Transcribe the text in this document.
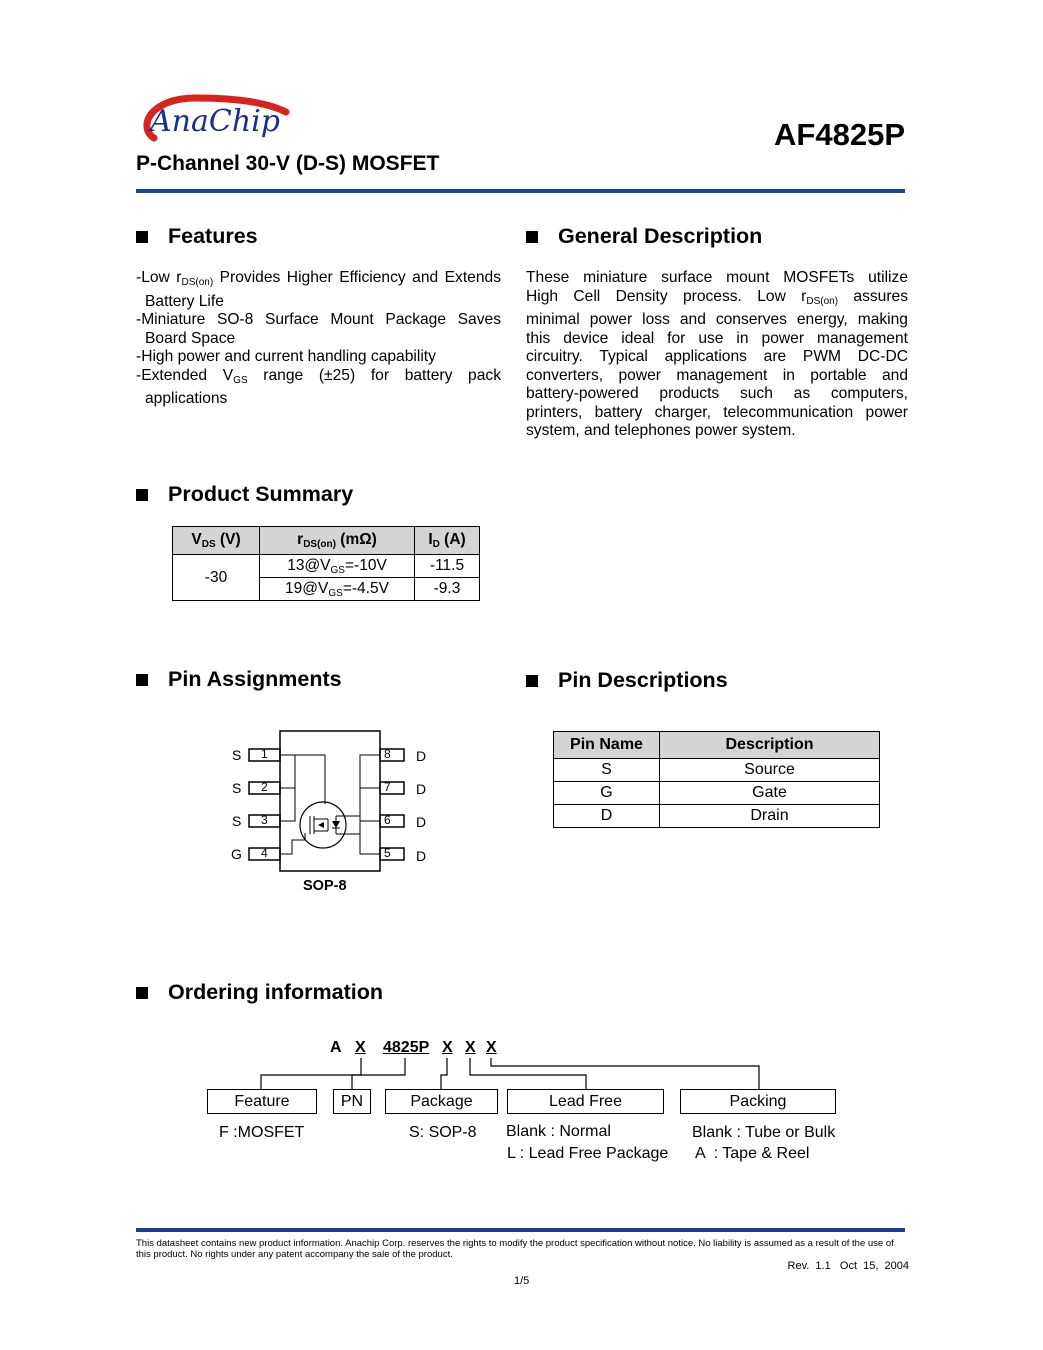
AnaChip	AF4825P
P-Channel 30-V (D-S) MOSFET
Features
-Low $r_{DS(on)}$ Provides Higher Efficiency and Extends
Battery Life
-Miniature SO-8 Surface Mount Package Saves
Board Space
-High power and current handling capability
-Extended $V_{GS}$ range (±25) for battery pack
applications
General Description
These miniature surface mount MOSFETs utilize
High Cell Density process. Low $r_{DS(on)}$ assures
minimal power loss and conserves energy, making
this device ideal for use in power management
circuitry. Typical applications are PWM DC-DC
converters, power management in portable and
battery-powered products such as computers,
printers, battery charger, telecommunication power
system, and telephones power system.
Product Summary
$V_{DS}$ (V)	$r_{DS(on)}$ (mΩ)	$I_D$ (A)
-30	$13@V_{GS}=-10V$	-11.5
	$19@V_{GS}=-4.5V$	-9.3
Pin Assignments
S
S
S
G
1
2
3
4
8
7
6
5
D
D
D
D
SOP-8
Pin Descriptions
Pin Name	Description
S	Source
G	Gate
D	Drain
Ordering information
A X 4825P X X X
Feature	PN	Package	Lead Free	Packing
F :MOSFET	S: SOP-8 Blank : Normal
L : Lead Free Package
Blank : Tube or Bulk
A  : Tape & Reel
This datasheet contains new product information. Anachip Corp. reserves the rights to modify the product specification without notice. No liability is assumed as a result of the use of
this product. No rights under any patent accompany the sale of the product.
Rev.  1.1   Oct  15,  2004
1/5
